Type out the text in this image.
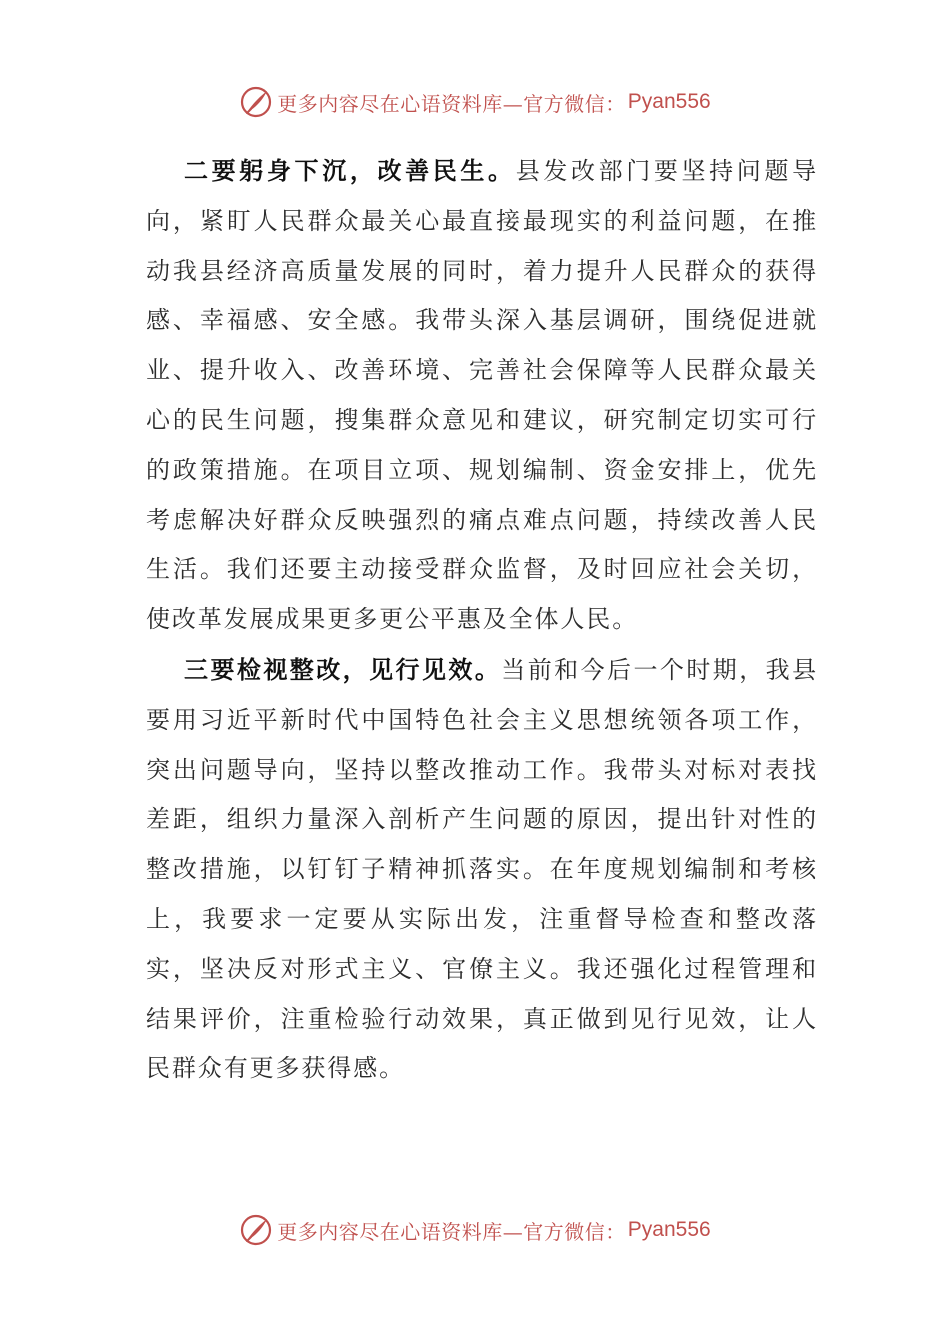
更多内容尽在心语资料库—官方微信： Pyan556

二要躬身下沉，改善民生。县发改部门要坚持问题导向，紧盯人民群众最关心最直接最现实的利益问题，在推动我县经济高质量发展的同时，着力提升人民群众的获得感、幸福感、安全感。我带头深入基层调研，围绕促进就业、提升收入、改善环境、完善社会保障等人民群众最关心的民生问题，搜集群众意见和建议，研究制定切实可行的政策措施。在项目立项、规划编制、资金安排上，优先考虑解决好群众反映强烈的痛点难点问题，持续改善人民生活。我们还要主动接受群众监督，及时回应社会关切，使改革发展成果更多更公平惠及全体人民。

三要检视整改，见行见效。当前和今后一个时期，我县要用习近平新时代中国特色社会主义思想统领各项工作，突出问题导向，坚持以整改推动工作。我带头对标对表找差距，组织力量深入剖析产生问题的原因，提出针对性的整改措施，以钉钉子精神抓落实。在年度规划编制和考核上，我要求一定要从实际出发，注重督导检查和整改落实，坚决反对形式主义、官僚主义。我还强化过程管理和结果评价，注重检验行动效果，真正做到见行见效，让人民群众有更多获得感。

更多内容尽在心语资料库—官方微信： Pyan556
